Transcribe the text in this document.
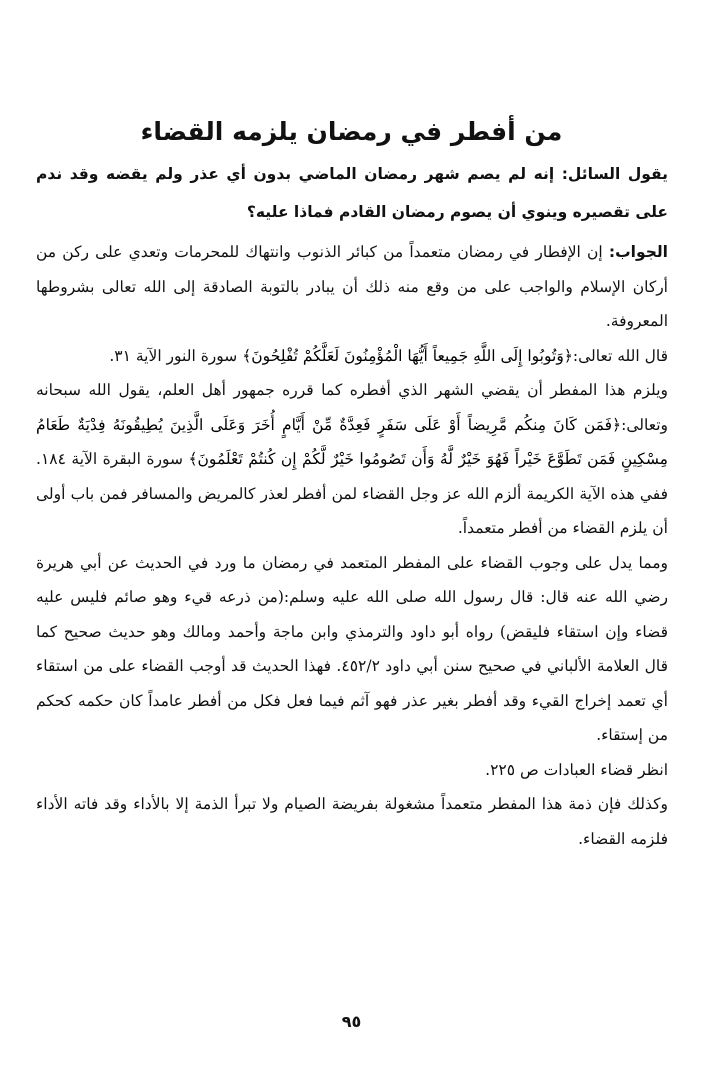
من أفطر في رمضان يلزمه القضاء

يقول السائل: إنه لم يصم شهر رمضان الماضي بدون أي عذر ولم يقضه وقد ندم على تقصيره وينوي أن يصوم رمضان القادم فماذا عليه؟

الجواب: إن الإفطار في رمضان متعمداً من كبائر الذنوب وانتهاك للمحرمات وتعدي على ركن من أركان الإسلام والواجب على من وقع منه ذلك أن يبادر بالتوبة الصادقة إلى الله تعالى بشروطها المعروفة.

قال الله تعالى:﴿وَتُوبُوا إِلَى اللَّهِ جَمِيعاً أَيُّهَا الْمُؤْمِنُونَ لَعَلَّكُمْ تُفْلِحُونَ﴾ سورة النور الآية ٣١.

ويلزم هذا المفطر أن يقضي الشهر الذي أفطره كما قرره جمهور أهل العلم، يقول الله سبحانه وتعالى:﴿فَمَن كَانَ مِنكُم مَّرِيضاً أَوْ عَلَى سَفَرٍ فَعِدَّةٌ مِّنْ أَيَّامٍ أُخَرَ وَعَلَى الَّذِينَ يُطِيقُونَهُ فِدْيَةٌ طَعَامُ مِسْكِينٍ فَمَن تَطَوَّعَ خَيْراً فَهُوَ خَيْرٌ لَّهُ وَأَن تَصُومُوا خَيْرٌ لَّكُمْ إِن كُنتُمْ تَعْلَمُونَ﴾ سورة البقرة الآية ١٨٤. ففي هذه الآية الكريمة ألزم الله عز وجل القضاء لمن أفطر لعذر كالمريض والمسافر فمن باب أولى أن يلزم القضاء من أفطر متعمداً.

ومما يدل على وجوب القضاء على المفطر المتعمد في رمضان ما ورد في الحديث عن أبي هريرة رضي الله عنه قال: قال رسول الله صلى الله عليه وسلم:(من ذرعه قيء وهو صائم فليس عليه قضاء وإن استقاء فليقض) رواه أبو داود والترمذي وابن ماجة وأحمد ومالك وهو حديث صحيح كما قال العلامة الألباني في صحيح سنن أبي داود ٤٥٢/٢. فهذا الحديث قد أوجب القضاء على من استقاء أي تعمد إخراج القيء وقد أفطر بغير عذر فهو آثم فيما فعل فكل من أفطر عامداً كان حكمه كحكم من إستقاء.

انظر قضاء العبادات ص ٢٢٥.

وكذلك فإن ذمة هذا المفطر متعمداً مشغولة بفريضة الصيام ولا تبرأ الذمة إلا بالأداء وقد فاته الأداء فلزمه القضاء.

٩٥
